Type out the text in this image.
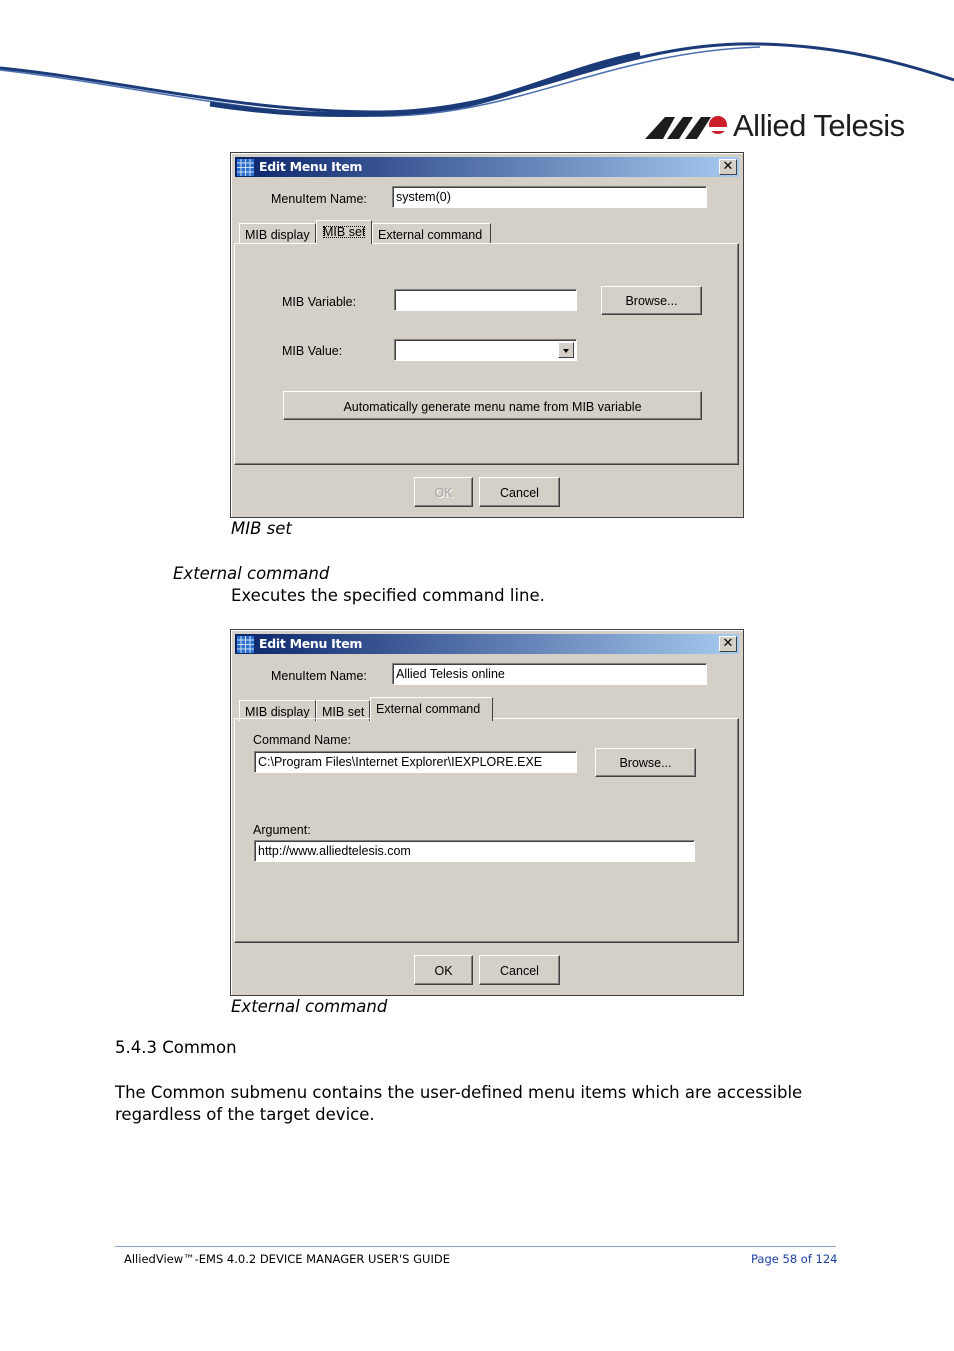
Allied Telesis
Edit Menu Item	✕
MenuItem Name:	system(0)
MIB display	MIB set	External command
MIB Variable:	Browse...
MIB Value:
Automatically generate menu name from MIB variable
OK	Cancel
MIB set
External command
Executes the specified command line.
Edit Menu Item	✕
MenuItem Name:	Allied Telesis online
MIB display MIB set External command
Command Name:
C:\Program Files\Internet Explorer\IEXPLORE.EXE	Browse...
Argument:
http://www.alliedtelesis.com
OK	Cancel
External command
5.4.3 Common
The Common submenu contains the user-defined menu items which are accessible
regardless of the target device.
AlliedView™-EMS 4.0.2 DEVICE MANAGER USER'S GUIDE	Page 58 of 124
